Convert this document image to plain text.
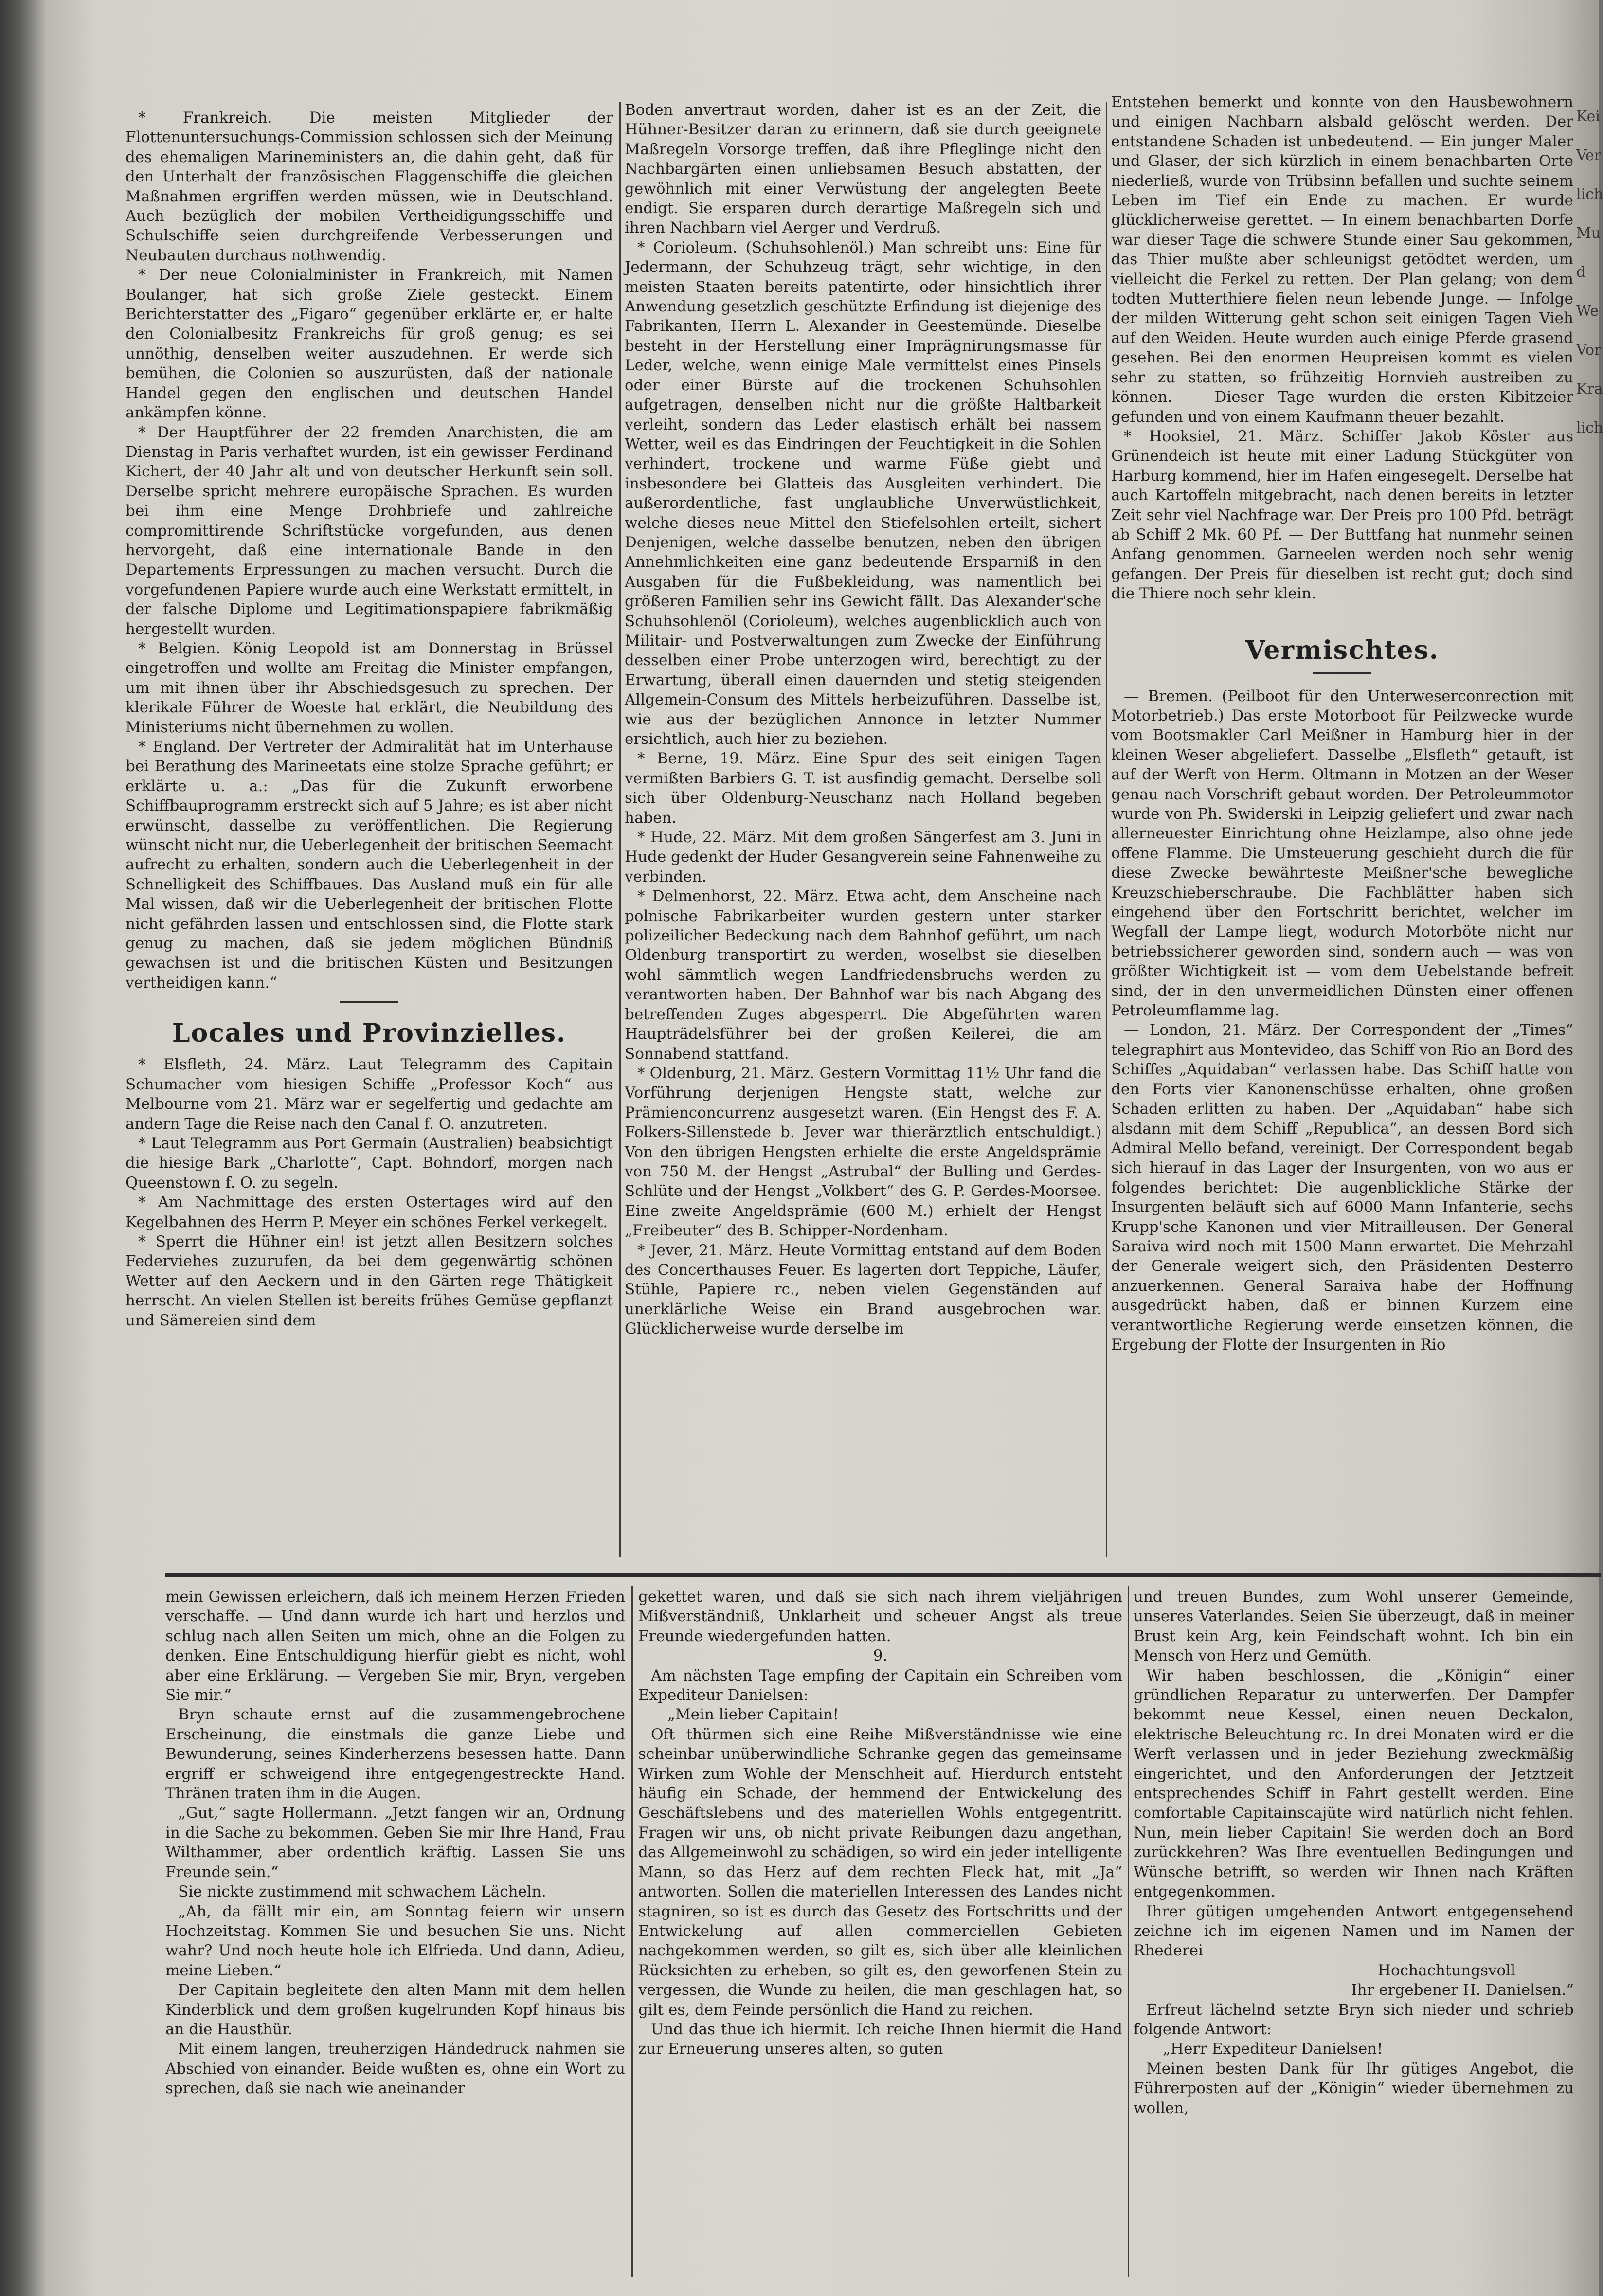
* Frankreich. Die meisten Mitglieder der Flottenuntersuchungs-Commission schlossen sich der Meinung des ehemaligen Marineministers an, die dahin geht, daß für den Unterhalt der französischen Flaggenschiffe die gleichen Maßnahmen ergriffen werden müssen, wie in Deutschland. Auch bezüglich der mobilen Vertheidigungsschiffe und Schulschiffe seien durchgreifende Verbesserungen und Neubauten durchaus nothwendig.

* Der neue Colonialminister in Frankreich, mit Namen Boulanger, hat sich große Ziele gesteckt. Einem Berichterstatter des „Figaro“ gegenüber erklärte er, er halte den Colonialbesitz Frankreichs für groß genug; es sei unnöthig, denselben weiter auszudehnen. Er werde sich bemühen, die Colonien so auszurüsten, daß der nationale Handel gegen den englischen und deutschen Handel ankämpfen könne.

* Der Hauptführer der 22 fremden Anarchisten, die am Dienstag in Paris verhaftet wurden, ist ein gewisser Ferdinand Kichert, der 40 Jahr alt und von deutscher Herkunft sein soll. Derselbe spricht mehrere europäische Sprachen. Es wurden bei ihm eine Menge Drohbriefe und zahlreiche compromittirende Schriftstücke vorgefunden, aus denen hervorgeht, daß eine internationale Bande in den Departements Erpressungen zu machen versucht. Durch die vorgefundenen Papiere wurde auch eine Werkstatt ermittelt, in der falsche Diplome und Legitimationspapiere fabrikmäßig hergestellt wurden.

* Belgien. König Leopold ist am Donnerstag in Brüssel eingetroffen und wollte am Freitag die Minister empfangen, um mit ihnen über ihr Abschiedsgesuch zu sprechen. Der klerikale Führer de Woeste hat erklärt, die Neubildung des Ministeriums nicht übernehmen zu wollen.

* England. Der Vertreter der Admiralität hat im Unterhause bei Berathung des Marineetats eine stolze Sprache geführt; er erklärte u. a.: „Das für die Zukunft erworbene Schiffbauprogramm erstreckt sich auf 5 Jahre; es ist aber nicht erwünscht, dasselbe zu veröffentlichen. Die Regierung wünscht nicht nur, die Ueberlegenheit der britischen Seemacht aufrecht zu erhalten, sondern auch die Ueberlegenheit in der Schnelligkeit des Schiffbaues. Das Ausland muß ein für alle Mal wissen, daß wir die Ueberlegenheit der britischen Flotte nicht gefährden lassen und entschlossen sind, die Flotte stark genug zu machen, daß sie jedem möglichen Bündniß gewachsen ist und die britischen Küsten und Besitzungen vertheidigen kann.“

Locales und Provinzielles.

* Elsfleth, 24. März. Laut Telegramm des Capitain Schumacher vom hiesigen Schiffe „Professor Koch“ aus Melbourne vom 21. März war er segelfertig und gedachte am andern Tage die Reise nach den Canal f. O. anzutreten.

* Laut Telegramm aus Port Germain (Australien) beabsichtigt die hiesige Bark „Charlotte“, Capt. Bohndorf, morgen nach Queenstown f. O. zu segeln.

* Am Nachmittage des ersten Ostertages wird auf den Kegelbahnen des Herrn P. Meyer ein schönes Ferkel verkegelt.

* Sperrt die Hühner ein! ist jetzt allen Besitzern solches Federviehes zuzurufen, da bei dem gegenwärtig schönen Wetter auf den Aeckern und in den Gärten rege Thätigkeit herrscht. An vielen Stellen ist bereits frühes Gemüse gepflanzt und Sämereien sind dem

Boden anvertraut worden, daher ist es an der Zeit, die Hühner-Besitzer daran zu erinnern, daß sie durch geeignete Maßregeln Vorsorge treffen, daß ihre Pfleglinge nicht den Nachbargärten einen unliebsamen Besuch abstatten, der gewöhnlich mit einer Verwüstung der angelegten Beete endigt. Sie ersparen durch derartige Maßregeln sich und ihren Nachbarn viel Aerger und Verdruß.

* Corioleum. (Schuhsohlenöl.) Man schreibt uns: Eine für Jedermann, der Schuhzeug trägt, sehr wichtige, in den meisten Staaten bereits patentirte, oder hinsichtlich ihrer Anwendung gesetzlich geschützte Erfindung ist diejenige des Fabrikanten, Herrn L. Alexander in Geestemünde. Dieselbe besteht in der Herstellung einer Imprägnirungsmasse für Leder, welche, wenn einige Male vermittelst eines Pinsels oder einer Bürste auf die trockenen Schuhsohlen aufgetragen, denselben nicht nur die größte Haltbarkeit verleiht, sondern das Leder elastisch erhält bei nassem Wetter, weil es das Eindringen der Feuchtigkeit in die Sohlen verhindert, trockene und warme Füße giebt und insbesondere bei Glatteis das Ausgleiten verhindert. Die außerordentliche, fast unglaubliche Unverwüstlichkeit, welche dieses neue Mittel den Stiefelsohlen erteilt, sichert Denjenigen, welche dasselbe benutzen, neben den übrigen Annehmlichkeiten eine ganz bedeutende Ersparniß in den Ausgaben für die Fußbekleidung, was namentlich bei größeren Familien sehr ins Gewicht fällt. Das Alexander'sche Schuhsohlenöl (Corioleum), welches augenblicklich auch von Militair- und Postverwaltungen zum Zwecke der Einführung desselben einer Probe unterzogen wird, berechtigt zu der Erwartung, überall einen dauernden und stetig steigenden Allgemein-Consum des Mittels herbeizuführen. Dasselbe ist, wie aus der bezüglichen Annonce in letzter Nummer ersichtlich, auch hier zu beziehen.

* Berne, 19. März. Eine Spur des seit einigen Tagen vermißten Barbiers G. T. ist ausfindig gemacht. Derselbe soll sich über Oldenburg-Neuschanz nach Holland begeben haben.

* Hude, 22. März. Mit dem großen Sängerfest am 3. Juni in Hude gedenkt der Huder Gesangverein seine Fahnenweihe zu verbinden.

* Delmenhorst, 22. März. Etwa acht, dem Anscheine nach polnische Fabrikarbeiter wurden gestern unter starker polizeilicher Bedeckung nach dem Bahnhof geführt, um nach Oldenburg transportirt zu werden, woselbst sie dieselben wohl sämmtlich wegen Landfriedensbruchs werden zu verantworten haben. Der Bahnhof war bis nach Abgang des betreffenden Zuges abgesperrt. Die Abgeführten waren Haupträdelsführer bei der großen Keilerei, die am Sonnabend stattfand.

* Oldenburg, 21. März. Gestern Vormittag 11½ Uhr fand die Vorführung derjenigen Hengste statt, welche zur Prämienconcurrenz ausgesetzt waren. (Ein Hengst des F. A. Folkers-Sillenstede b. Jever war thierärztlich entschuldigt.) Von den übrigen Hengsten erhielte die erste Angeldsprämie von 750 M. der Hengst „Astrubal“ der Bulling und Gerdes-Schlüte und der Hengst „Volkbert“ des G. P. Gerdes-Moorsee. Eine zweite Angeldsprämie (600 M.) erhielt der Hengst „Freibeuter“ des B. Schipper-Nordenham.

* Jever, 21. März. Heute Vormittag entstand auf dem Boden des Concerthauses Feuer. Es lagerten dort Teppiche, Läufer, Stühle, Papiere rc., neben vielen Gegenständen auf unerklärliche Weise ein Brand ausgebrochen war. Glücklicherweise wurde derselbe im

Entstehen bemerkt und konnte von den Hausbewohnern und einigen Nachbarn alsbald gelöscht werden. Der entstandene Schaden ist unbedeutend. — Ein junger Maler und Glaser, der sich kürzlich in einem benachbarten Orte niederließ, wurde von Trübsinn befallen und suchte seinem Leben im Tief ein Ende zu machen. Er wurde glücklicherweise gerettet. — In einem benachbarten Dorfe war dieser Tage die schwere Stunde einer Sau gekommen, das Thier mußte aber schleunigst getödtet werden, um vielleicht die Ferkel zu retten. Der Plan gelang; von dem todten Mutterthiere fielen neun lebende Junge. — Infolge der milden Witterung geht schon seit einigen Tagen Vieh auf den Weiden. Heute wurden auch einige Pferde grasend gesehen. Bei den enormen Heupreisen kommt es vielen sehr zu statten, so frühzeitig Hornvieh austreiben zu können. — Dieser Tage wurden die ersten Kibitzeier gefunden und von einem Kaufmann theuer bezahlt.

* Hooksiel, 21. März. Schiffer Jakob Köster aus Grünendeich ist heute mit einer Ladung Stückgüter von Harburg kommend, hier im Hafen eingesegelt. Derselbe hat auch Kartoffeln mitgebracht, nach denen bereits in letzter Zeit sehr viel Nachfrage war. Der Preis pro 100 Pfd. beträgt ab Schiff 2 Mk. 60 Pf. — Der Buttfang hat nunmehr seinen Anfang genommen. Garneelen werden noch sehr wenig gefangen. Der Preis für dieselben ist recht gut; doch sind die Thiere noch sehr klein.

Vermischtes.

— Bremen. (Peilboot für den Unterweserconrection mit Motorbetrieb.) Das erste Motorboot für Peilzwecke wurde vom Bootsmakler Carl Meißner in Hamburg hier in der kleinen Weser abgeliefert. Dasselbe „Elsfleth“ getauft, ist auf der Werft von Herm. Oltmann in Motzen an der Weser genau nach Vorschrift gebaut worden. Der Petroleummotor wurde von Ph. Swiderski in Leipzig geliefert und zwar nach allerneuester Einrichtung ohne Heizlampe, also ohne jede offene Flamme. Die Umsteuerung geschieht durch die für diese Zwecke bewährteste Meißner'sche bewegliche Kreuzschieberschraube. Die Fachblätter haben sich eingehend über den Fortschritt berichtet, welcher im Wegfall der Lampe liegt, wodurch Motorböte nicht nur betriebssicherer geworden sind, sondern auch — was von größter Wichtigkeit ist — vom dem Uebelstande befreit sind, der in den unvermeidlichen Dünsten einer offenen Petroleumflamme lag.

— London, 21. März. Der Correspondent der „Times“ telegraphirt aus Montevideo, das Schiff von Rio an Bord des Schiffes „Aquidaban“ verlassen habe. Das Schiff hatte von den Forts vier Kanonenschüsse erhalten, ohne großen Schaden erlitten zu haben. Der „Aquidaban“ habe sich alsdann mit dem Schiff „Republica“, an dessen Bord sich Admiral Mello befand, vereinigt. Der Correspondent begab sich hierauf in das Lager der Insurgenten, von wo aus er folgendes berichtet: Die augenblickliche Stärke der Insurgenten beläuft sich auf 6000 Mann Infanterie, sechs Krupp'sche Kanonen und vier Mitrailleusen. Der General Saraiva wird noch mit 1500 Mann erwartet. Die Mehrzahl der Generale weigert sich, den Präsidenten Desterro anzuerkennen. General Saraiva habe der Hoffnung ausgedrückt haben, daß er binnen Kurzem eine verantwortliche Regierung werde einsetzen können, die Ergebung der Flotte der Insurgenten in Rio

mein Gewissen erleichern, daß ich meinem Herzen Frieden verschaffe. — Und dann wurde ich hart und herzlos und schlug nach allen Seiten um mich, ohne an die Folgen zu denken. Eine Entschuldigung hierfür giebt es nicht, wohl aber eine Erklärung. — Vergeben Sie mir, Bryn, vergeben Sie mir.“

Bryn schaute ernst auf die zusammengebrochene Erscheinung, die einstmals die ganze Liebe und Bewunderung, seines Kinderherzens besessen hatte. Dann ergriff er schweigend ihre entgegengestreckte Hand. Thränen traten ihm in die Augen.

„Gut,“ sagte Hollermann. „Jetzt fangen wir an, Ordnung in die Sache zu bekommen. Geben Sie mir Ihre Hand, Frau Wilthammer, aber ordentlich kräftig. Lassen Sie uns Freunde sein.“

Sie nickte zustimmend mit schwachem Lächeln.

„Ah, da fällt mir ein, am Sonntag feiern wir unsern Hochzeitstag. Kommen Sie und besuchen Sie uns. Nicht wahr? Und noch heute hole ich Elfrieda. Und dann, Adieu, meine Lieben.“

Der Capitain begleitete den alten Mann mit dem hellen Kinderblick und dem großen kugelrunden Kopf hinaus bis an die Hausthür.

Mit einem langen, treuherzigen Händedruck nahmen sie Abschied von einander. Beide wußten es, ohne ein Wort zu sprechen, daß sie nach wie aneinander

gekettet waren, und daß sie sich nach ihrem vieljährigen Mißverständniß, Unklarheit und scheuer Angst als treue Freunde wiedergefunden hatten.

9.

Am nächsten Tage empfing der Capitain ein Schreiben vom Expediteur Danielsen:

„Mein lieber Capitain!

Oft thürmen sich eine Reihe Mißverständnisse wie eine scheinbar unüberwindliche Schranke gegen das gemeinsame Wirken zum Wohle der Menschheit auf. Hierdurch entsteht häufig ein Schade, der hemmend der Entwickelung des Geschäftslebens und des materiellen Wohls entgegentritt. Fragen wir uns, ob nicht private Reibungen dazu angethan, das Allgemeinwohl zu schädigen, so wird ein jeder intelligente Mann, so das Herz auf dem rechten Fleck hat, mit „Ja“ antworten. Sollen die materiellen Interessen des Landes nicht stagniren, so ist es durch das Gesetz des Fortschritts und der Entwickelung auf allen commerciellen Gebieten nachgekommen werden, so gilt es, sich über alle kleinlichen Rücksichten zu erheben, so gilt es, den geworfenen Stein zu vergessen, die Wunde zu heilen, die man geschlagen hat, so gilt es, dem Feinde persönlich die Hand zu reichen.

Und das thue ich hiermit. Ich reiche Ihnen hiermit die Hand zur Erneuerung unseres alten, so guten

und treuen Bundes, zum Wohl unserer Gemeinde, unseres Vaterlandes. Seien Sie überzeugt, daß in meiner Brust kein Arg, kein Feindschaft wohnt. Ich bin ein Mensch von Herz und Gemüth.

Wir haben beschlossen, die „Königin“ einer gründlichen Reparatur zu unterwerfen. Der Dampfer bekommt neue Kessel, einen neuen Deckalon, elektrische Beleuchtung rc. In drei Monaten wird er die Werft verlassen und in jeder Beziehung zweckmäßig eingerichtet, und den Anforderungen der Jetztzeit entsprechendes Schiff in Fahrt gestellt werden. Eine comfortable Capitainscajüte wird natürlich nicht fehlen. Nun, mein lieber Capitain! Sie werden doch an Bord zurückkehren? Was Ihre eventuellen Bedingungen und Wünsche betrifft, so werden wir Ihnen nach Kräften entgegenkommen.

Ihrer gütigen umgehenden Antwort entgegensehend zeichne ich im eigenen Namen und im Namen der Rhederei

Hochachtungsvoll

Ihr ergebener H. Danielsen.“

Erfreut lächelnd setzte Bryn sich nieder und schrieb folgende Antwort:

„Herr Expediteur Danielsen!

Meinen besten Dank für Ihr gütiges Angebot, die Führerposten auf der „Königin“ wieder übernehmen zu wollen,

Kei Ver lich Mu d We Vor Kra lich
